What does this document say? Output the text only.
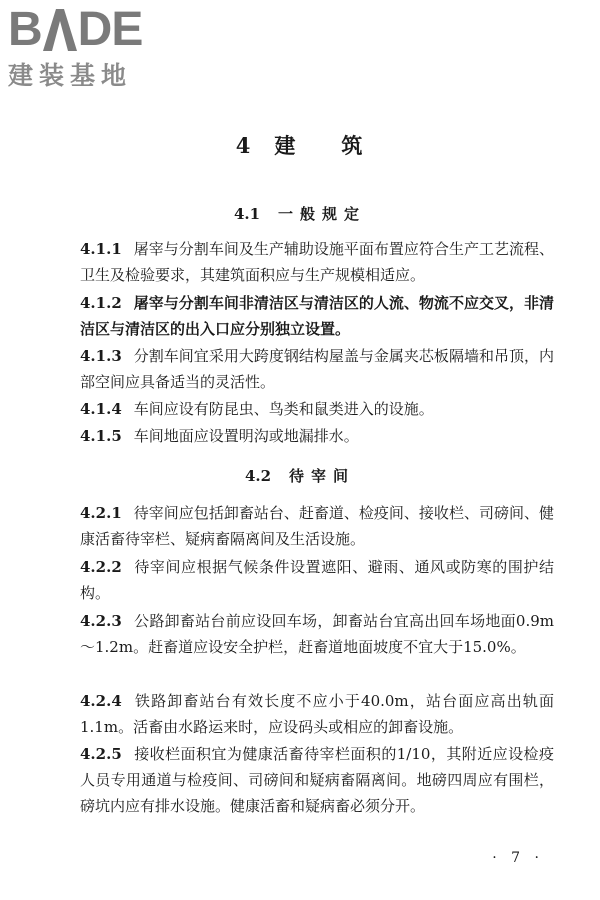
B DE
建装基地
4 建 筑
4.1 一般规定
4.1.1 屠宰与分割车间及生产辅助设施平面布置应符合生产工艺流程、卫生及检验要求，其建筑面积应与生产规模相适应。
4.1.2 屠宰与分割车间非清洁区与清洁区的人流、物流不应交叉，非清洁区与清洁区的出入口应分别独立设置。
4.1.3 分割车间宜采用大跨度钢结构屋盖与金属夹芯板隔墙和吊顶，内部空间应具备适当的灵活性。
4.1.4 车间应设有防昆虫、鸟类和鼠类进入的设施。
4.1.5 车间地面应设置明沟或地漏排水。
4.2 待宰间
4.2.1 待宰间应包括卸畜站台、赶畜道、检疫间、接收栏、司磅间、健康活畜待宰栏、疑病畜隔离间及生活设施。
4.2.2 待宰间应根据气候条件设置遮阳、避雨、通风或防寒的围护结构。
4.2.3 公路卸畜站台前应设回车场，卸畜站台宜高出回车场地面0.9m～1.2m。赶畜道应设安全护栏，赶畜道地面坡度不宜大于15.0%。
4.2.4 铁路卸畜站台有效长度不应小于40.0m，站台面应高出轨面1.1m。活畜由水路运来时，应设码头或相应的卸畜设施。
4.2.5 接收栏面积宜为健康活畜待宰栏面积的1/10，其附近应设检疫人员专用通道与检疫间、司磅间和疑病畜隔离间。地磅四周应有围栏，磅坑内应有排水设施。健康活畜和疑病畜必须分开。
· 7 ·
